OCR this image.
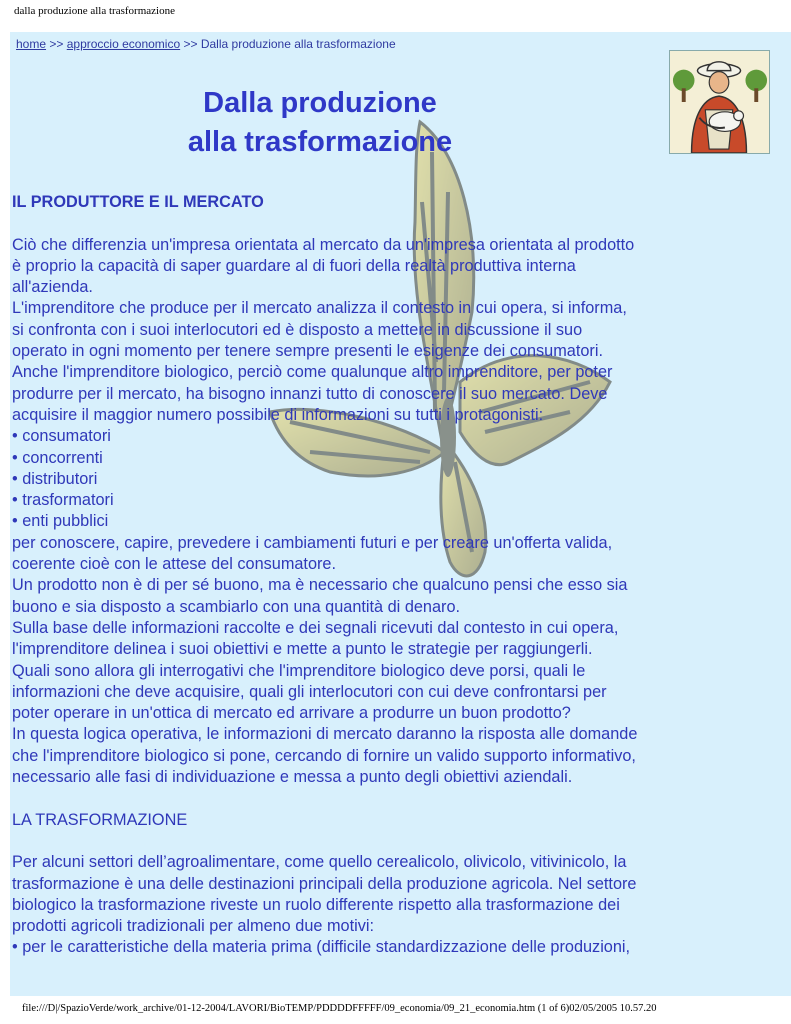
dalla produzione alla trasformazione
home >> approccio economico >> Dalla produzione alla trasformazione
Dalla produzione
alla trasformazione
IL PRODUTTORE E IL MERCATO
Ciò che differenzia un'impresa orientata al mercato da un'impresa orientata al prodotto
è proprio la capacità di saper guardare al di fuori della realtà produttiva interna
all'azienda.
L'imprenditore che produce per il mercato analizza il contesto in cui opera, si informa,
si confronta con i suoi interlocutori ed è disposto a mettere in discussione il suo
operato in ogni momento per tenere sempre presenti le esigenze dei consumatori.
Anche l'imprenditore biologico, perciò come qualunque altro imprenditore, per poter
produrre per il mercato, ha bisogno innanzi tutto di conoscere il suo mercato. Deve
acquisire il maggior numero possibile di informazioni su tutti i protagonisti:
• consumatori
• concorrenti
• distributori
• trasformatori
• enti pubblici
per conoscere, capire, prevedere i cambiamenti futuri e per creare un'offerta valida,
coerente cioè con le attese del consumatore.
Un prodotto non è di per sé buono, ma è necessario che qualcuno pensi che esso sia
buono e sia disposto a scambiarlo con una quantità di denaro.
Sulla base delle informazioni raccolte e dei segnali ricevuti dal contesto in cui opera,
l'imprenditore delinea i suoi obiettivi e mette a punto le strategie per raggiungerli.
Quali sono allora gli interrogativi che l'imprenditore biologico deve porsi, quali le
informazioni che deve acquisire, quali gli interlocutori con cui deve confrontarsi per
poter operare in un'ottica di mercato ed arrivare a produrre un buon prodotto?
In questa logica operativa, le informazioni di mercato daranno la risposta alle domande
che l'imprenditore biologico si pone, cercando di fornire un valido supporto informativo,
necessario alle fasi di individuazione e messa a punto degli obiettivi aziendali.
LA TRASFORMAZIONE
Per alcuni settori dell’agroalimentare, come quello cerealicolo, olivicolo, vitivinicolo, la
trasformazione è una delle destinazioni principali della produzione agricola. Nel settore
biologico la trasformazione riveste un ruolo differente rispetto alla trasformazione dei
prodotti agricoli tradizionali per almeno due motivi:
• per le caratteristiche della materia prima (difficile standardizzazione delle produzioni,
file:///D|/SpazioVerde/work_archive/01-12-2004/LAVORI/BioTEMP/PDDDDFFFFF/09_economia/09_21_economia.htm (1 of 6)02/05/2005 10.57.20
